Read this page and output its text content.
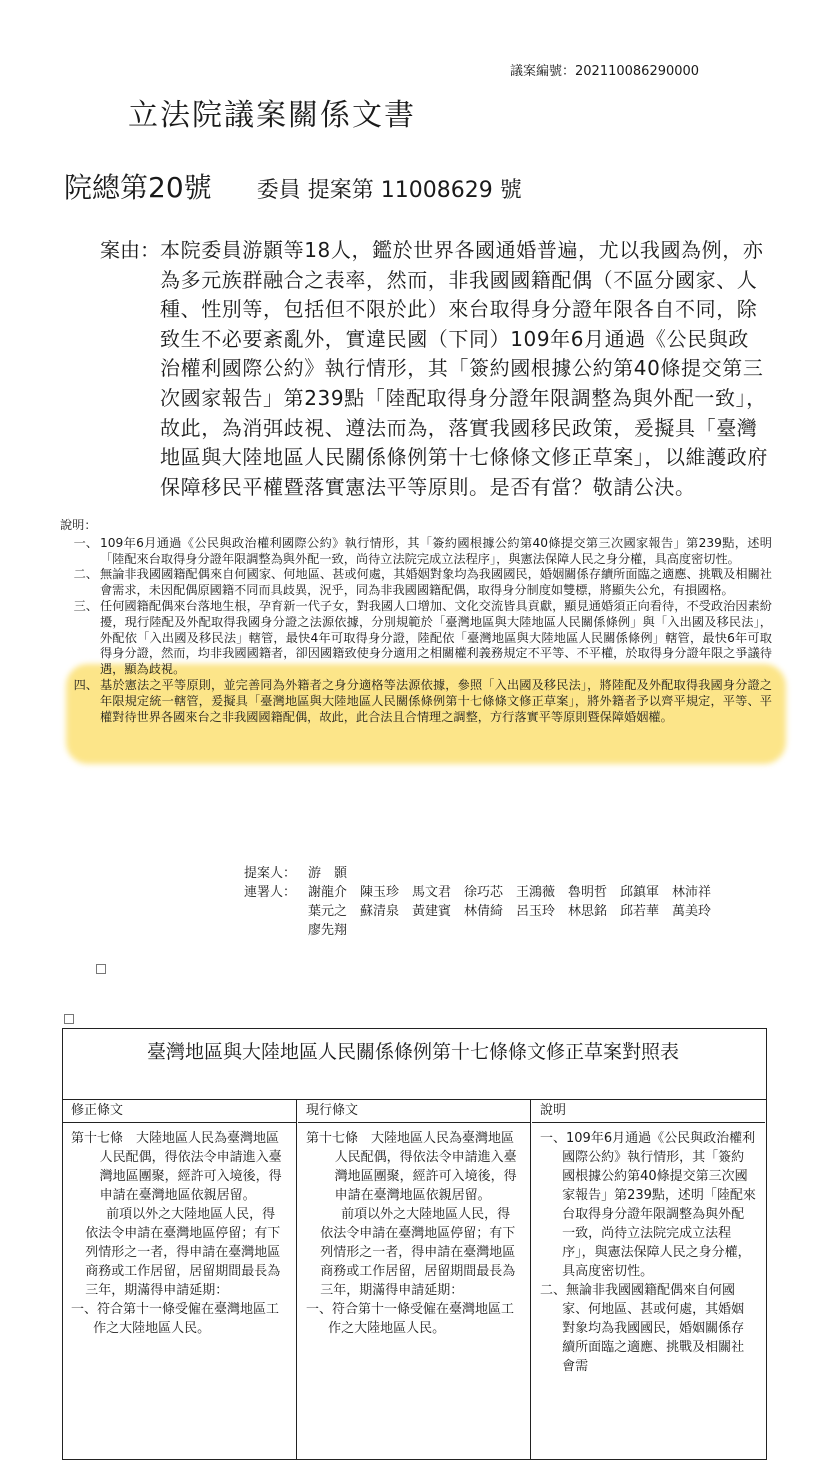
議案編號：202110086290000
立法院議案關係文書
院總第20號 委員 提案第 11008629 號
案由： 本院委員游顥等18人，鑑於世界各國通婚普遍，尤以我國為例，亦為多元族群融合之表率，然而，非我國國籍配偶（不區分國家、人種、性別等，包括但不限於此）來台取得身分證年限各自不同，除致生不必要紊亂外，實違民國（下同）109年6月通過《公民與政治權利國際公約》執行情形，其「簽約國根據公約第40條提交第三次國家報告」第239點「陸配取得身分證年限調整為與外配一致」，故此，為消弭歧視、遵法而為，落實我國移民政策，爰擬具「臺灣地區與大陸地區人民關係條例第十七條條文修正草案」，以維護政府保障移民平權暨落實憲法平等原則。是否有當？敬請公決。
說明：
一、 109年6月通過《公民與政治權利國際公約》執行情形，其「簽約國根據公約第40條提交第三次國家報告」第239點，述明「陸配來台取得身分證年限調整為與外配一致，尚待立法院完成立法程序」，與憲法保障人民之身分權，具高度密切性。
二、 無論非我國國籍配偶來自何國家、何地區、甚或何處，其婚姻對象均為我國國民，婚姻關係存續所面臨之適應、挑戰及相關社會需求，未因配偶原國籍不同而具歧異，況乎，同為非我國國籍配偶，取得身分制度如雙標，將顯失公允，有損國格。
三、 任何國籍配偶來台落地生根，孕育新一代子女，對我國人口增加、文化交流皆具貢獻，顯見通婚須正向看待，不受政治因素紛擾，現行陸配及外配取得我國身分證之法源依據，分別規範於「臺灣地區與大陸地區人民關係條例」與「入出國及移民法」，外配依「入出國及移民法」轄管，最快4年可取得身分證，陸配依「臺灣地區與大陸地區人民關係條例」轄管，最快6年可取得身分證，然而，均非我國國籍者，卻因國籍致使身分適用之相關權利義務規定不平等、不平權，於取得身分證年限之爭議待遇，顯為歧視。
四、 基於憲法之平等原則，並完善同為外籍者之身分適格等法源依據，參照「入出國及移民法」，將陸配及外配取得我國身分證之年限規定統一轄管，爰擬具「臺灣地區與大陸地區人民關係條例第十七條條文修正草案」，將外籍者予以齊平規定，平等、平權對待世界各國來台之非我國國籍配偶，故此，此合法且合情理之調整，方行落實平等原則暨保障婚姻權。
提案人： 游　顥
連署人： 謝龍介　陳玉珍　馬文君　徐巧芯　王鴻薇　魯明哲　邱鎮軍　林沛祥　葉元之　蘇清泉　黃建賓　林倩綺　呂玉玲　林思銘　邱若華　萬美玲　廖先翔
臺灣地區與大陸地區人民關係條例第十七條條文修正草案對照表
修正條文
第十七條　大陸地區人民為臺灣地區人民配偶，得依法令申請進入臺灣地區團聚，經許可入境後，得申請在臺灣地區依親居留。
前項以外之大陸地區人民，得依法令申請在臺灣地區停留；有下列情形之一者，得申請在臺灣地區商務或工作居留，居留期間最長為三年，期滿得申請延期：
一、符合第十一條受僱在臺灣地區工作之大陸地區人民。
現行條文
第十七條　大陸地區人民為臺灣地區人民配偶，得依法令申請進入臺灣地區團聚，經許可入境後，得申請在臺灣地區依親居留。
前項以外之大陸地區人民，得依法令申請在臺灣地區停留；有下列情形之一者，得申請在臺灣地區商務或工作居留，居留期間最長為三年，期滿得申請延期：
一、符合第十一條受僱在臺灣地區工作之大陸地區人民。
說明
一、109年6月通過《公民與政治權利國際公約》執行情形，其「簽約國根據公約第40條提交第三次國家報告」第239點，述明「陸配來台取得身分證年限調整為與外配一致，尚待立法院完成立法程序」，與憲法保障人民之身分權，具高度密切性。
二、無論非我國國籍配偶來自何國家、何地區、甚或何處，其婚姻對象均為我國國民，婚姻關係存續所面臨之適應、挑戰及相關社會需
